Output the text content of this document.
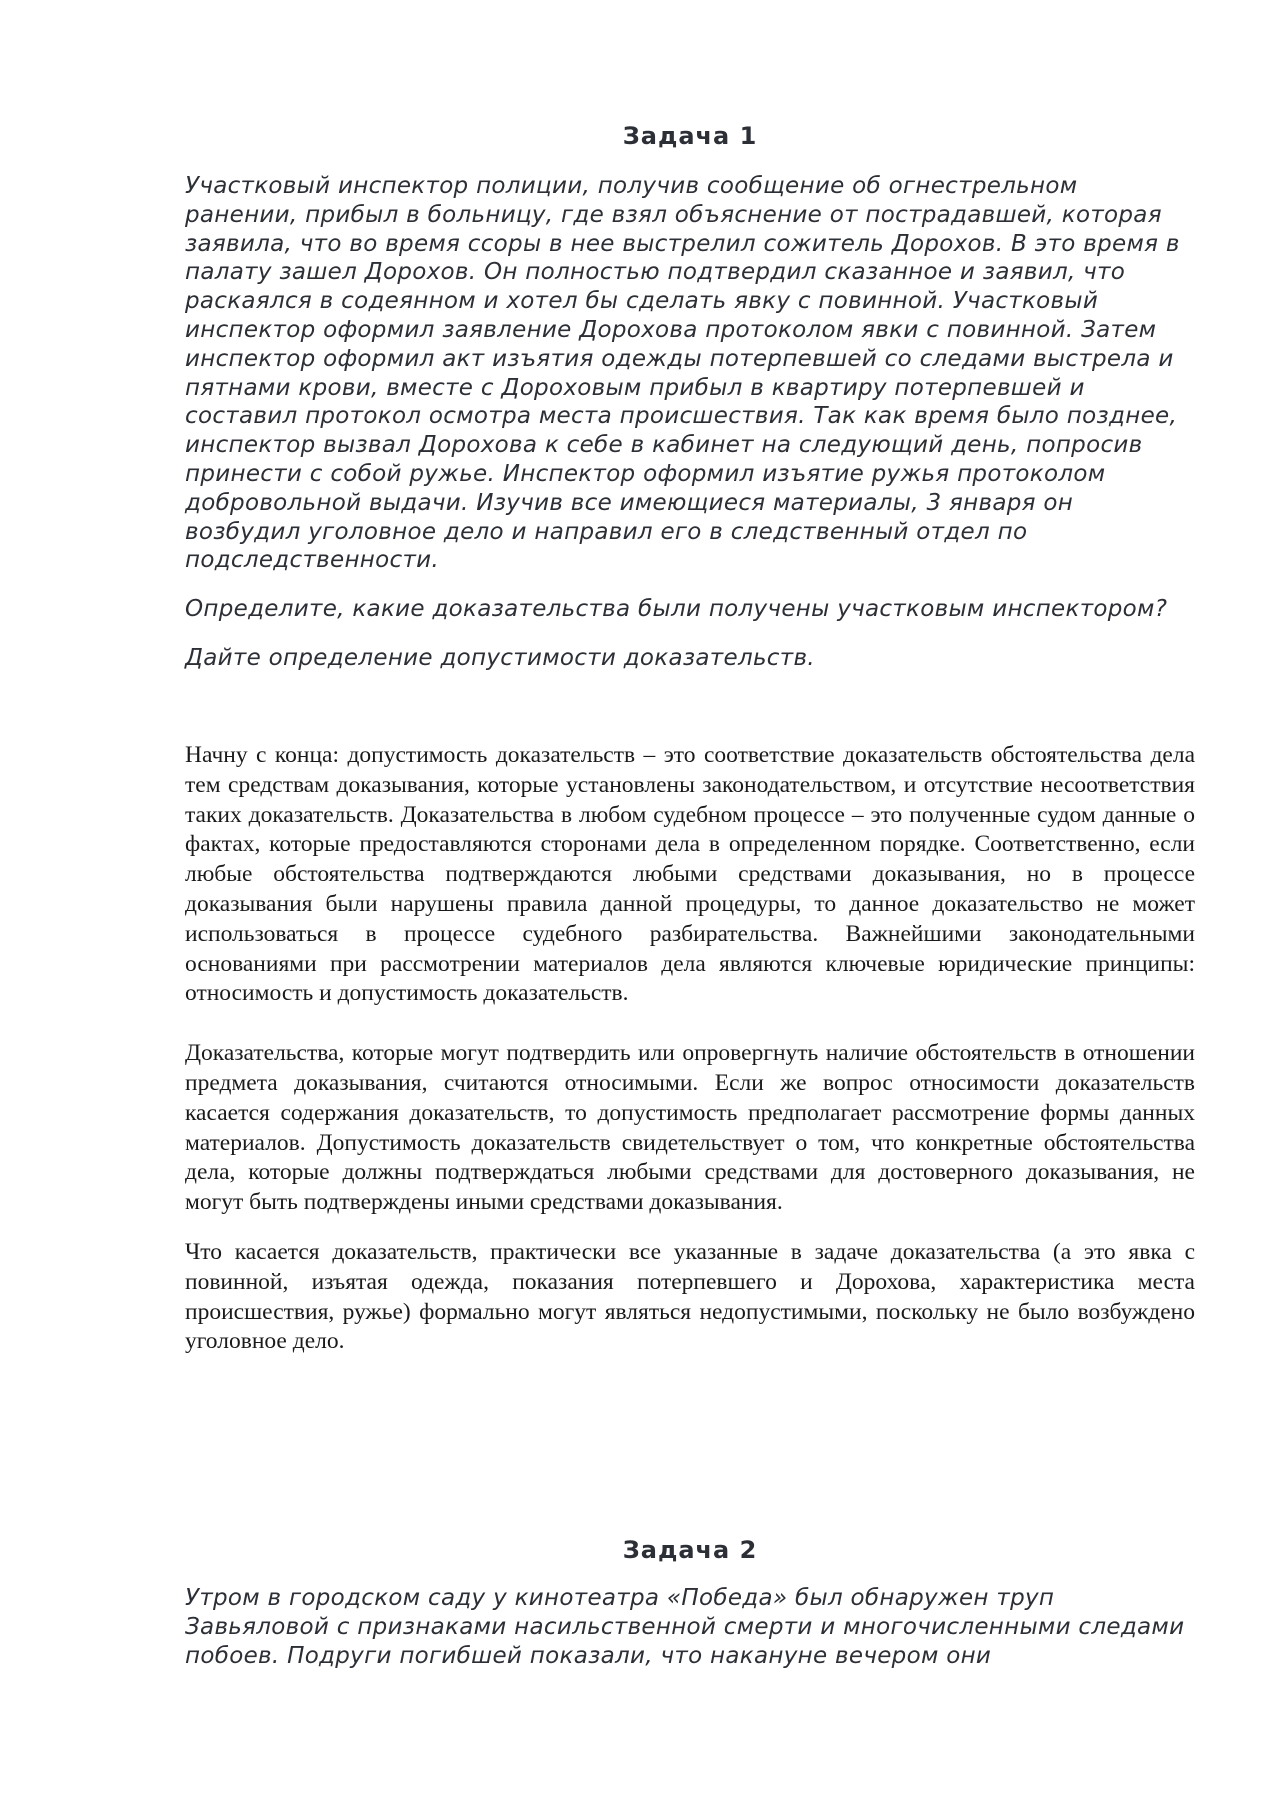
Задача 1

Участковый инспектор полиции, получив сообщение об огнестрельном ранении, прибыл в больницу, где взял объяснение от пострадавшей, которая заявила, что во время ссоры в нее выстрелил сожитель Дорохов. В это время в палату зашел Дорохов. Он полностью подтвердил сказанное и заявил, что раскаялся в содеянном и хотел бы сделать явку с повинной. Участковый инспектор оформил заявление Дорохова протоколом явки с повинной. Затем инспектор оформил акт изъятия одежды потерпевшей со следами выстрела и пятнами крови, вместе с Дороховым прибыл в квартиру потерпевшей и составил протокол осмотра места происшествия. Так как время было позднее, инспектор вызвал Дорохова к себе в кабинет на следующий день, попросив принести с собой ружье. Инспектор оформил изъятие ружья протоколом добровольной выдачи. Изучив все имеющиеся материалы, 3 января он возбудил уголовное дело и направил его в следственный отдел по подследственности.

Определите, какие доказательства были получены участковым инспектором?

Дайте определение допустимости доказательств.

Начну с конца: допустимость доказательств – это соответствие доказательств обстоятельства дела тем средствам доказывания, которые установлены законодательством, и отсутствие несоответствия таких доказательств. Доказательства в любом судебном процессе – это полученные судом данные о фактах, которые предоставляются сторонами дела в определенном порядке. Соответственно, если любые обстоятельства подтверждаются любыми средствами доказывания, но в процессе доказывания были нарушены правила данной процедуры, то данное доказательство не может использоваться в процессе судебного разбирательства. Важнейшими законодательными основаниями при рассмотрении материалов дела являются ключевые юридические принципы: относимость и допустимость доказательств.

Доказательства, которые могут подтвердить или опровергнуть наличие обстоятельств в отношении предмета доказывания, считаются относимыми. Если же вопрос относимости доказательств касается содержания доказательств, то допустимость предполагает рассмотрение формы данных материалов. Допустимость доказательств свидетельствует о том, что конкретные обстоятельства дела, которые должны подтверждаться любыми средствами для достоверного доказывания, не могут быть подтверждены иными средствами доказывания.

Что касается доказательств, практически все указанные в задаче доказательства (а это явка с повинной, изъятая одежда, показания потерпевшего и Дорохова, характеристика места происшествия, ружье) формально могут являться недопустимыми, поскольку не было возбуждено уголовное дело.

Задача 2

Утром в городском саду у кинотеатра «Победа» был обнаружен труп Завьяловой с признаками насильственной смерти и многочисленными следами побоев. Подруги погибшей показали, что накануне вечером они
